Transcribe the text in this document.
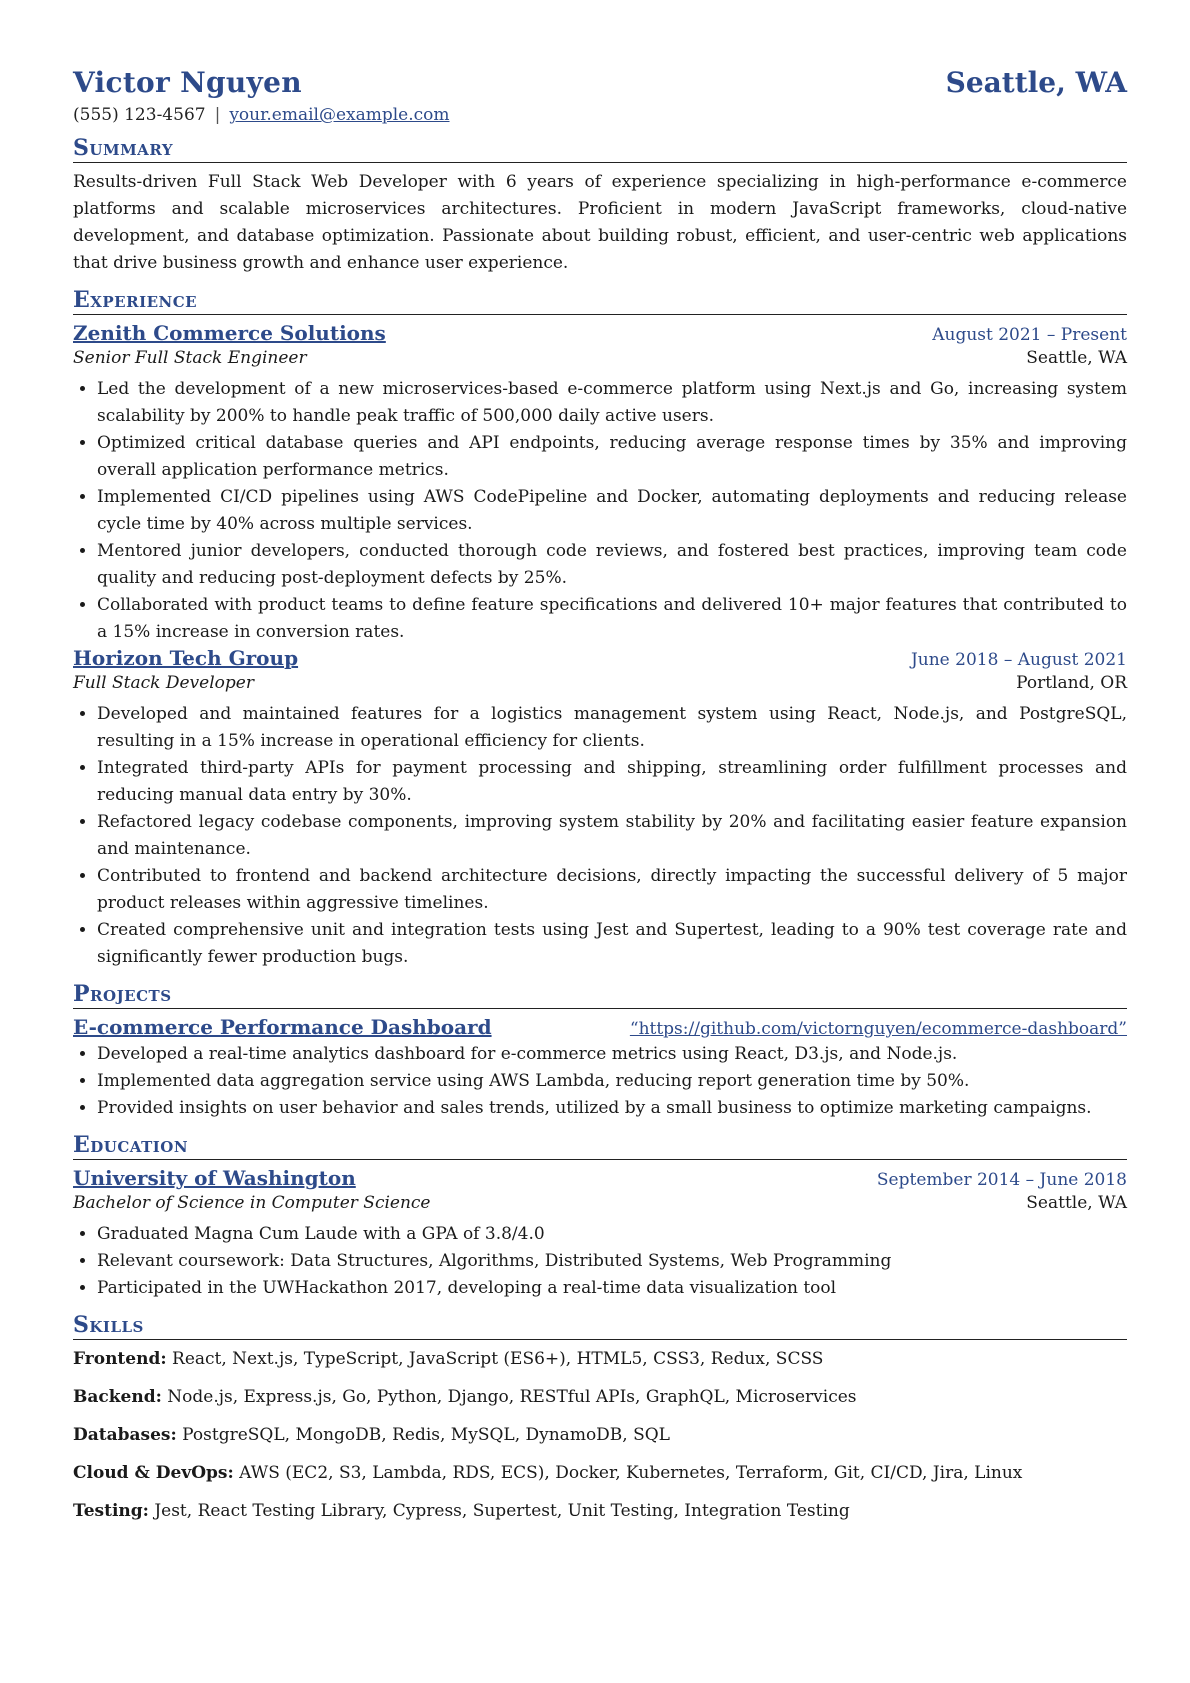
Victor Nguyen	Seattle, WA
(555) 123-4567 | your.email@example.com
Summary
Results-driven Full Stack Web Developer with 6 years of experience specializing in high-performance e-commerce platforms and scalable microservices architectures. Proficient in modern JavaScript frameworks, cloud-native development, and database optimization. Passionate about building robust, efficient, and user-centric web applications that drive business growth and enhance user experience.
Experience
Zenith Commerce Solutions	August 2021 – Present
Senior Full Stack Engineer	Seattle, WA
• Led the development of a new microservices-based e-commerce platform using Next.js and Go, increasing system scalability by 200% to handle peak traffic of 500,000 daily active users.
• Optimized critical database queries and API endpoints, reducing average response times by 35% and improving overall application performance metrics.
• Implemented CI/CD pipelines using AWS CodePipeline and Docker, automating deployments and reducing release cycle time by 40% across multiple services.
• Mentored junior developers, conducted thorough code reviews, and fostered best practices, improving team code quality and reducing post-deployment defects by 25%.
• Collaborated with product teams to define feature specifications and delivered 10+ major features that contributed to a 15% increase in conversion rates.
Horizon Tech Group	June 2018 – August 2021
Full Stack Developer	Portland, OR
• Developed and maintained features for a logistics management system using React, Node.js, and PostgreSQL, resulting in a 15% increase in operational efficiency for clients.
• Integrated third-party APIs for payment processing and shipping, streamlining order fulfillment processes and reducing manual data entry by 30%.
• Refactored legacy codebase components, improving system stability by 20% and facilitating easier feature expansion and maintenance.
• Contributed to frontend and backend architecture decisions, directly impacting the successful delivery of 5 major product releases within aggressive timelines.
• Created comprehensive unit and integration tests using Jest and Supertest, leading to a 90% test coverage rate and significantly fewer production bugs.
Projects
E-commerce Performance Dashboard	“https://github.com/victornguyen/ecommerce-dashboard”
• Developed a real-time analytics dashboard for e-commerce metrics using React, D3.js, and Node.js.
• Implemented data aggregation service using AWS Lambda, reducing report generation time by 50%.
• Provided insights on user behavior and sales trends, utilized by a small business to optimize marketing campaigns.
Education
University of Washington	September 2014 – June 2018
Bachelor of Science in Computer Science	Seattle, WA
• Graduated Magna Cum Laude with a GPA of 3.8/4.0
• Relevant coursework: Data Structures, Algorithms, Distributed Systems, Web Programming
• Participated in the UWHackathon 2017, developing a real-time data visualization tool
Skills
Frontend: React, Next.js, TypeScript, JavaScript (ES6+), HTML5, CSS3, Redux, SCSS
Backend: Node.js, Express.js, Go, Python, Django, RESTful APIs, GraphQL, Microservices
Databases: PostgreSQL, MongoDB, Redis, MySQL, DynamoDB, SQL
Cloud & DevOps: AWS (EC2, S3, Lambda, RDS, ECS), Docker, Kubernetes, Terraform, Git, CI/CD, Jira, Linux
Testing: Jest, React Testing Library, Cypress, Supertest, Unit Testing, Integration Testing
